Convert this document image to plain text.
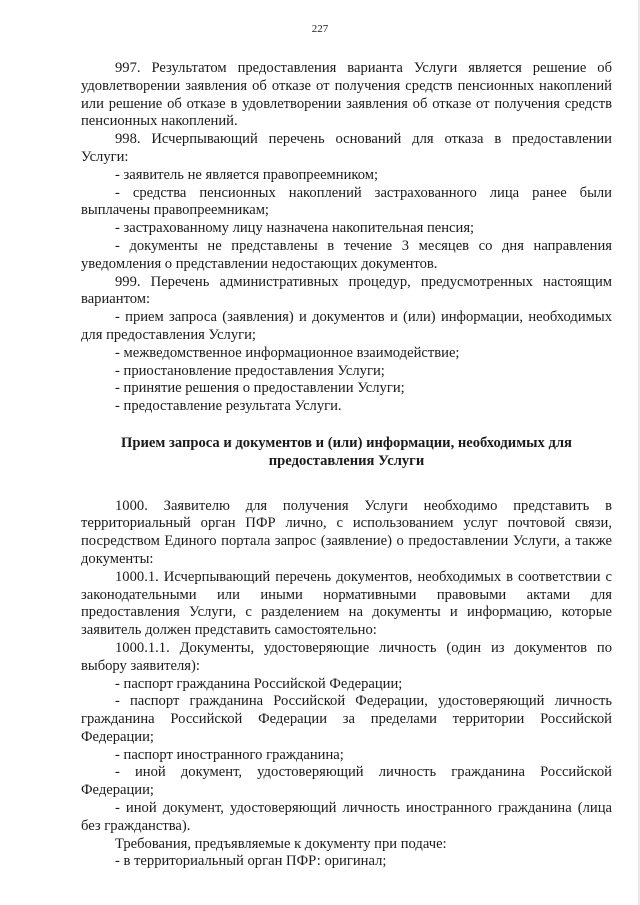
227

997. Результатом предоставления варианта Услуги является решение об удовлетворении заявления об отказе от получения средств пенсионных накоплений или решение об отказе в удовлетворении заявления об отказе от получения средств пенсионных накоплений.

998. Исчерпывающий перечень оснований для отказа в предоставлении Услуги:

- заявитель не является правопреемником;

- средства пенсионных накоплений застрахованного лица ранее были выплачены правопреемникам;

- застрахованному лицу назначена накопительная пенсия;

- документы не представлены в течение 3 месяцев со дня направления уведомления о представлении недостающих документов.

999. Перечень административных процедур, предусмотренных настоящим вариантом:

- прием запроса (заявления) и документов и (или) информации, необходимых для предоставления Услуги;

- межведомственное информационное взаимодействие;

- приостановление предоставления Услуги;

- принятие решения о предоставлении Услуги;

- предоставление результата Услуги.

Прием запроса и документов и (или) информации, необходимых для предоставления Услуги

1000. Заявителю для получения Услуги необходимо представить в территориальный орган ПФР лично, с использованием услуг почтовой связи, посредством Единого портала запрос (заявление) о предоставлении Услуги, а также документы:

1000.1. Исчерпывающий перечень документов, необходимых в соответствии с законодательными или иными нормативными правовыми актами для предоставления Услуги, с разделением на документы и информацию, которые заявитель должен представить самостоятельно:

1000.1.1. Документы, удостоверяющие личность (один из документов по выбору заявителя):

- паспорт гражданина Российской Федерации;

- паспорт гражданина Российской Федерации, удостоверяющий личность гражданина Российской Федерации за пределами территории Российской Федерации;

- паспорт иностранного гражданина;

- иной документ, удостоверяющий личность гражданина Российской Федерации;

- иной документ, удостоверяющий личность иностранного гражданина (лица без гражданства).

Требования, предъявляемые к документу при подаче:

- в территориальный орган ПФР: оригинал;
